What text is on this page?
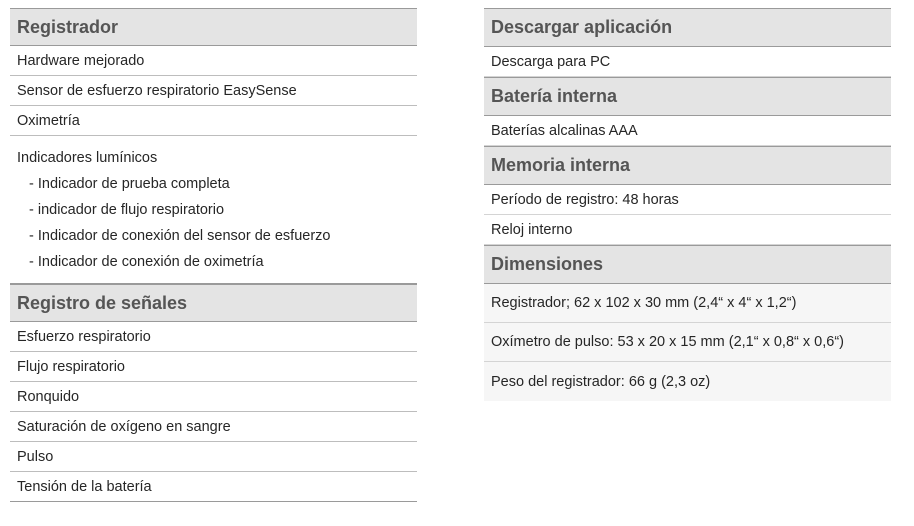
Registrador
Hardware mejorado
Sensor de esfuerzo respiratorio EasySense
Oximetría
Indicadores lumínicos
- Indicador de prueba completa
- indicador de flujo respiratorio
- Indicador de conexión del sensor de esfuerzo
- Indicador de conexión de oximetría
Registro de señales
Esfuerzo respiratorio
Flujo respiratorio
Ronquido
Saturación de oxígeno en sangre
Pulso
Tensión de la batería
Descargar aplicación
Descarga para PC
Batería interna
Baterías alcalinas AAA
Memoria interna
Período de registro: 48 horas
Reloj interno
Dimensiones
Registrador; 62 x 102 x 30 mm (2,4“ x 4“ x 1,2“)
Oxímetro de pulso: 53 x 20 x 15 mm (2,1“ x 0,8“ x 0,6“)
Peso del registrador: 66 g (2,3 oz)
